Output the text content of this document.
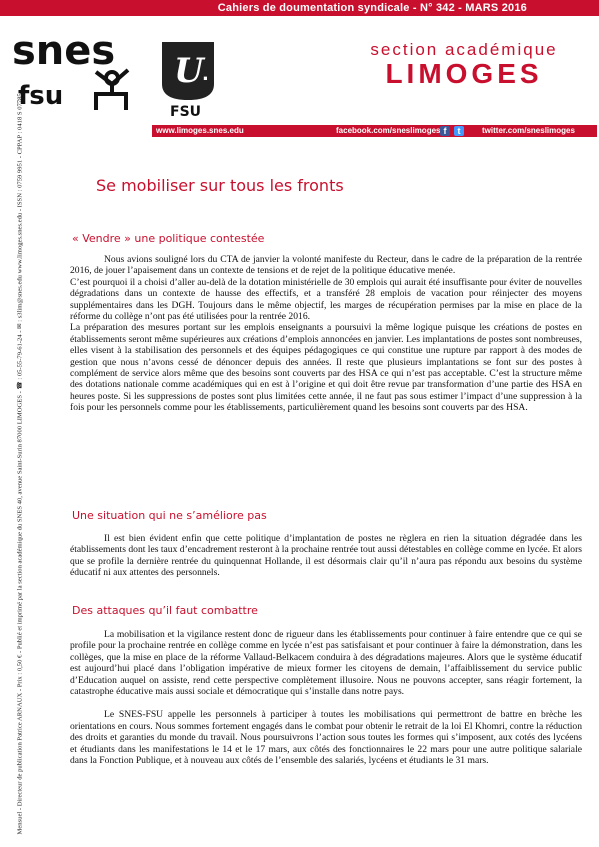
Cahiers de doumentation syndicale - N° 342 - MARS 2016
snes
fsu
U
.
FSU
section académique
LIMOGES
www.limoges.snes.edu	facebook.com/sneslimoges f	t	twitter.com/sneslimoges
Mensuel - Directeur de publication Patrice ARNAUX - Prix : 0,50 € - Publié et imprimé par la section académique du SNES 40, avenue Saint-Surin 87000 LIMOGES - ☎ : 05-55-79-61-24 - ✉ : s3lim@snes.edu www.limoges.snes.edu - ISSN : 0759 9951 - CPPAP : 0418 S 07785	Se mobiliser sur tous les fronts
« Vendre » une politique contestée

Nous avions souligné lors du CTA de janvier la volonté manifeste du Recteur, dans le cadre de la préparation de la rentrée 2016, de jouer l’apaisement dans un contexte de tensions et de rejet de la politique éducative menée.

C’est pourquoi il a choisi d’aller au-delà de la dotation ministérielle de 30 emplois qui aurait été insuffisante pour éviter de nouvelles dégradations dans un contexte de hausse des effectifs, et a transféré 28 emplois de vacation pour réinjecter des moyens supplémentaires dans les DGH. Toujours dans le même objectif, les marges de récupération permises par la mise en place de la réforme du collège n’ont pas été utilisées pour la rentrée 2016.

La préparation des mesures portant sur les emplois enseignants a poursuivi la même logique puisque les créations de postes en établissements seront même supérieures aux créations d’emplois annoncées en janvier. Les implantations de postes sont nombreuses, elles visent à la stabilisation des personnels et des équipes pédagogiques ce qui constitue une rupture par rapport à des modes de gestion que nous n’avons cessé de dénoncer depuis des années. Il reste que plusieurs implantations se font sur des postes à complément de service alors même que des besoins sont couverts par des HSA ce qui n’est pas acceptable. C’est la structure même des dotations nationale comme académiques qui en est à l’origine et qui doit être revue par transformation d’une partie des HSA en heures poste. Si les suppressions de postes sont plus limitées cette année, il ne faut pas sous estimer l’impact d’une suppression à la fois pour les personnels comme pour les établissements, particulièrement quand les besoins sont couverts par des HSA.

Une situation qui ne s’améliore pas

Il est bien évident enfin que cette politique d’implantation de postes ne règlera en rien la situation dégradée dans les établissements dont les taux d’encadrement resteront à la prochaine rentrée tout aussi détestables en collège comme en lycée. Et alors que se profile la dernière rentrée du quinquennat Hollande, il est désormais clair qu’il n’aura pas répondu aux besoins du système éducatif ni aux attentes des personnels.

Des attaques qu’il faut combattre

La mobilisation et la vigilance restent donc de rigueur dans les établissements pour continuer à faire entendre que ce qui se profile pour la prochaine rentrée en collège comme en lycée n’est pas satisfaisant et pour continuer à faire la démonstration, dans les collèges, que la mise en place de la réforme Vallaud-Belkacem conduira à des dégradations majeures. Alors que le système éducatif est aujourd’hui placé dans l’obligation impérative de mieux former les citoyens de demain, l’affaiblissement du service public d’Education auquel on assiste, rend cette perspective complètement illusoire. Nous ne pouvons accepter, sans réagir fortement, la catastrophe éducative mais aussi sociale et démocratique qui s’installe dans notre pays.

Le SNES-FSU appelle les personnels à participer à toutes les mobilisations qui permettront de battre en brèche les orientations en cours. Nous sommes fortement engagés dans le combat pour obtenir le retrait de la loi El Khomri, contre la réduction des droits et garanties du monde du travail. Nous poursuivrons l’action sous toutes les formes qui s’imposent, aux cotés des lycéens et étudiants dans les manifestations le 14 et le 17 mars, aux côtés des fonctionnaires le 22 mars pour une autre politique salariale dans la Fonction Publique, et à nouveau aux côtés de l’ensemble des salariés, lycéens et étudiants le 31 mars.
